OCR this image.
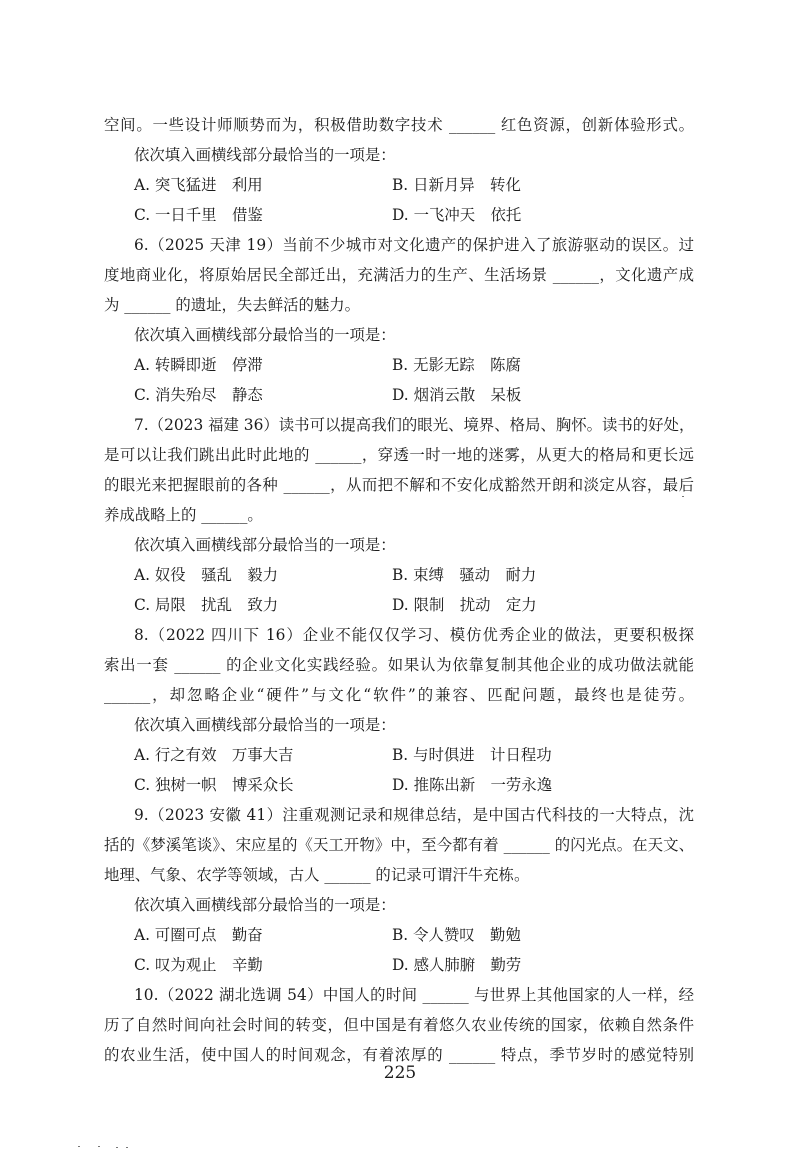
空间。一些设计师顺势而为，积极借助数字技术 ______ 红色资源，创新体验形式。
依次填入画横线部分最恰当的一项是：
A. 突飞猛进　利用	B. 日新月异　转化
C. 一日千里　借鉴	D. 一飞冲天　依托
6.（2025 天津 19）当前不少城市对文化遗产的保护进入了旅游驱动的误区。过
度地商业化，将原始居民全部迁出，充满活力的生产、生活场景 ______，文化遗产成
为 ______ 的遗址，失去鲜活的魅力。
依次填入画横线部分最恰当的一项是：
A. 转瞬即逝　停滞	B. 无影无踪　陈腐
C. 消失殆尽　静态	D. 烟消云散　呆板
7.（2023 福建 36）读书可以提高我们的眼光、境界、格局、胸怀。读书的好处，
是可以让我们跳出此时此地的 ______，穿透一时一地的迷雾，从更大的格局和更长远
的眼光来把握眼前的各种 ______，从而把不解和不安化成豁然开朗和淡定从容，最后
养成战略上的 ______。
依次填入画横线部分最恰当的一项是：
A. 奴役　骚乱　毅力	B. 束缚　骚动　耐力
C. 局限　扰乱　致力	D. 限制　扰动　定力
8.（2022 四川下 16）企业不能仅仅学习、模仿优秀企业的做法，更要积极探
索出一套 ______ 的企业文化实践经验。如果认为依靠复制其他企业的成功做法就能
______，却忽略企业“硬件”与文化“软件”的兼容、匹配问题，最终也是徒劳。
依次填入画横线部分最恰当的一项是：
A. 行之有效　万事大吉	B. 与时俱进　计日程功
C. 独树一帜　博采众长	D. 推陈出新　一劳永逸
9.（2023 安徽 41）注重观测记录和规律总结，是中国古代科技的一大特点，沈
括的《梦溪笔谈》、宋应星的《天工开物》中，至今都有着 ______ 的闪光点。在天文、
地理、气象、农学等领域，古人 ______ 的记录可谓汗牛充栋。
依次填入画横线部分最恰当的一项是：
A. 可圈可点　勤奋	B. 令人赞叹　勤勉
C. 叹为观止　辛勤	D. 感人肺腑　勤劳
10.（2022 湖北选调 54）中国人的时间 ______ 与世界上其他国家的人一样，经
历了自然时间向社会时间的转变，但中国是有着悠久农业传统的国家，依赖自然条件
的农业生活，使中国人的时间观念，有着浓厚的 ______ 特点，季节岁时的感觉特别
225
